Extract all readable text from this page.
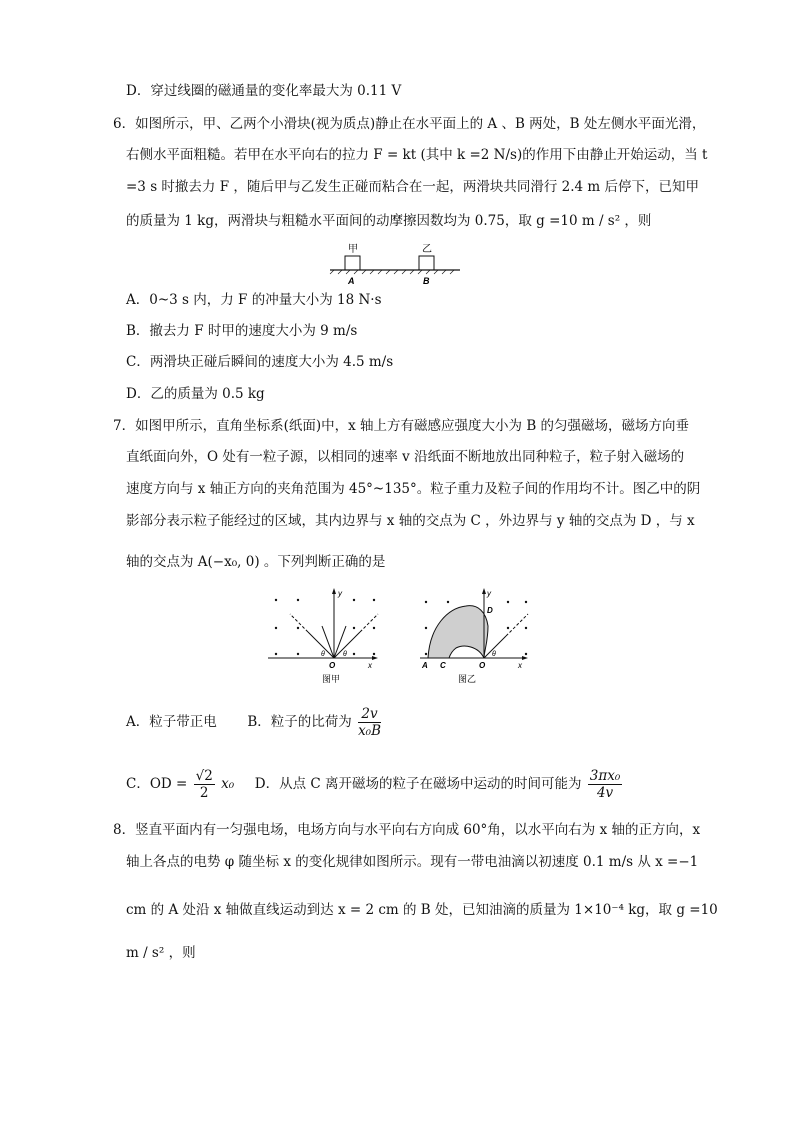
D．穿过线圈的磁通量的变化率最大为 0.11 V
6．如图所示，甲、乙两个小滑块(视为质点)静止在水平面上的 A 、B 两处，B 处左侧水平面光滑，
右侧水平面粗糙。若甲在水平向右的拉力 F = kt (其中 k =2 N/s)的作用下由静止开始运动，当 t
=3 s 时撤去力 F ，随后甲与乙发生正碰而粘合在一起，两滑块共同滑行 2.4 m 后停下，已知甲
的质量为 1 kg，两滑块与粗糙水平面间的动摩擦因数均为 0.75，取 g =10 m / s² ，则
甲	乙
A	B
A．0~3 s 内，力 F 的冲量大小为 18 N·s
B．撤去力 F 时甲的速度大小为 9 m/s
C．两滑块正碰后瞬间的速度大小为 4.5 m/s
D．乙的质量为 0.5 kg
7．如图甲所示，直角坐标系(纸面)中，x 轴上方有磁感应强度大小为 B 的匀强磁场，磁场方向垂
直纸面向外，O 处有一粒子源，以相同的速率 v 沿纸面不断地放出同种粒子，粒子射入磁场的
速度方向与 x 轴正方向的夹角范围为 45°~135°。粒子重力及粒子间的作用均不计。图乙中的阴
影部分表示粒子能经过的区域，其内边界与 x 轴的交点为 C ，外边界与 y 轴的交点为 D ，与 x
轴的交点为 A(−x₀, 0) 。下列判断正确的是
y
x
O
θ	θ
图甲
y
D
x
O
A C
θ
图乙
A．粒子带正电 B．粒子的比荷为 $\frac{2v}{\text{x₀B}}$
C．OD = $\frac{√2}{2} x_0$ D．从点 C 离开磁场的粒子在磁场中运动的时间可能为 $\frac{\text{3πx₀}}{4v}$
8．竖直平面内有一匀强电场，电场方向与水平向右方向成 60°角，以水平向右为 x 轴的正方向，x
轴上各点的电势 φ 随坐标 x 的变化规律如图所示。现有一带电油滴以初速度 0.1 m/s 从 x =−1
cm 的 A 处沿 x 轴做直线运动到达 x = 2 cm 的 B 处，已知油滴的质量为 1×10⁻⁴ kg，取 g =10
m / s² ，则
